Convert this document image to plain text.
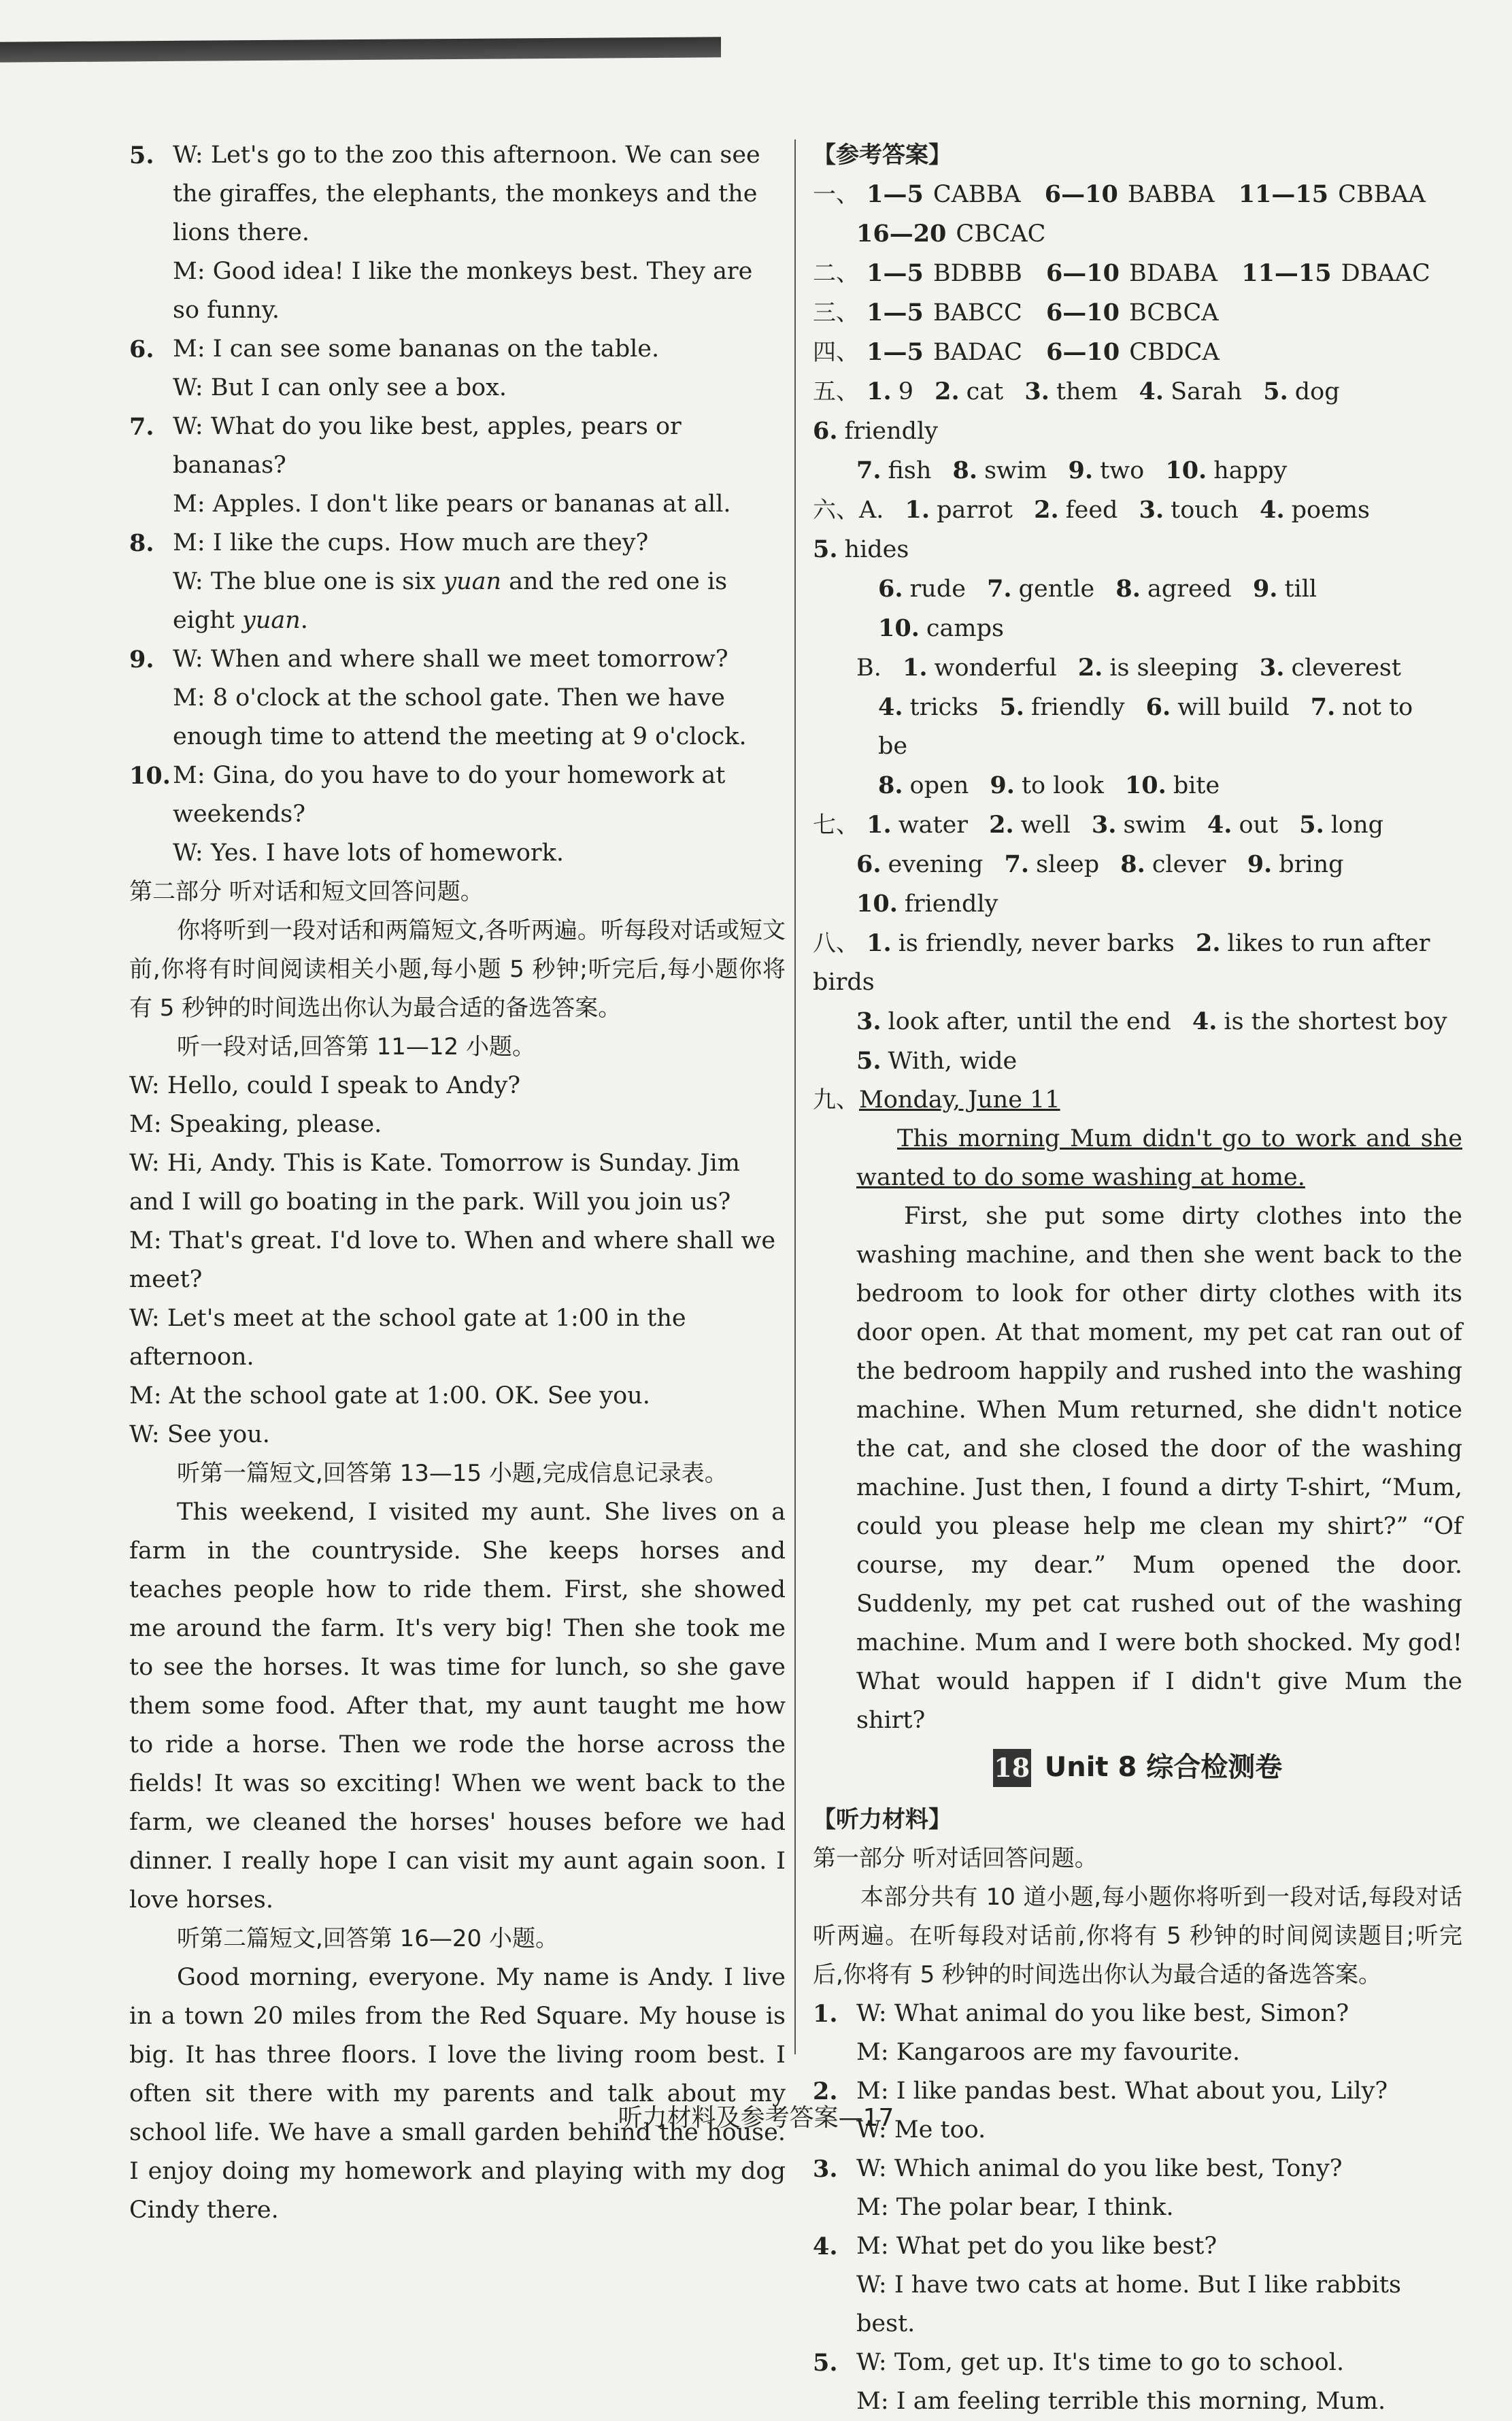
5. W: Let's go to the zoo this afternoon. We can see the giraffes, the elephants, the monkeys and the lions there.
M: Good idea! I like the monkeys best. They are so funny.
6. M: I can see some bananas on the table.
W: But I can only see a box.
7. W: What do you like best, apples, pears or bananas?
M: Apples. I don't like pears or bananas at all.
8. M: I like the cups. How much are they?
W: The blue one is six yuan and the red one is eight yuan.
9. W: When and where shall we meet tomorrow?
M: 8 o'clock at the school gate. Then we have enough time to attend the meeting at 9 o'clock.
10. M: Gina, do you have to do your homework at weekends?
W: Yes. I have lots of homework.

第二部分 听对话和短文回答问题。

你将听到一段对话和两篇短文,各听两遍。听每段对话或短文前,你将有时间阅读相关小题,每小题 5 秒钟;听完后,每小题你将有 5 秒钟的时间选出你认为最合适的备选答案。

听一段对话,回答第 11—12 小题。

W: Hello, could I speak to Andy?
M: Speaking, please.
W: Hi, Andy. This is Kate. Tomorrow is Sunday. Jim and I will go boating in the park. Will you join us?
M: That's great. I'd love to. When and where shall we meet?
W: Let's meet at the school gate at 1:00 in the afternoon.
M: At the school gate at 1:00. OK. See you.
W: See you.

听第一篇短文,回答第 13—15 小题,完成信息记录表。

This weekend, I visited my aunt. She lives on a farm in the countryside. She keeps horses and teaches people how to ride them. First, she showed me around the farm. It's very big! Then she took me to see the horses. It was time for lunch, so she gave them some food. After that, my aunt taught me how to ride a horse. Then we rode the horse across the fields! It was so exciting! When we went back to the farm, we cleaned the horses' houses before we had dinner. I really hope I can visit my aunt again soon. I love horses.

听第二篇短文,回答第 16—20 小题。

Good morning, everyone. My name is Andy. I live in a town 20 miles from the Red Square. My house is big. It has three floors. I love the living room best. I often sit there with my parents and talk about my school life. We have a small garden behind the house. I enjoy doing my homework and playing with my dog Cindy there.

【参考答案】
一、 1—5 CABBA 6—10 BABBA 11—15 CBBAA
16—20 CBCAC
二、 1—5 BDBBB 6—10 BDABA 11—15 DBAAC
三、 1—5 BABCC 6—10 BCBCA
四、 1—5 BADAC 6—10 CBDCA
五、 1. 9 2. cat 3. them 4. Sarah 5. dog 6. friendly
7. fish 8. swim 9. two 10. happy
六、A. 1. parrot 2. feed 3. touch 4. poems 5. hides
6. rude 7. gentle 8. agreed 9. till 10. camps
B. 1. wonderful 2. is sleeping 3. cleverest
4. tricks 5. friendly 6. will build 7. not to be
8. open 9. to look 10. bite
七、 1. water 2. well 3. swim 4. out 5. long
6. evening 7. sleep 8. clever 9. bring 10. friendly
八、 1. is friendly, never barks 2. likes to run after birds
3. look after, until the end 4. is the shortest boy
5. With, wide
九、Monday, June 11

This morning Mum didn't go to work and she wanted to do some washing at home.

First, she put some dirty clothes into the washing machine, and then she went back to the bedroom to look for other dirty clothes with its door open. At that moment, my pet cat ran out of the bedroom happily and rushed into the washing machine. When Mum returned, she didn't notice the cat, and she closed the door of the washing machine. Just then, I found a dirty T-shirt, “Mum, could you please help me clean my shirt?” “Of course, my dear.” Mum opened the door. Suddenly, my pet cat rushed out of the washing machine. Mum and I were both shocked. My god! What would happen if I didn't give Mum the shirt?

18 Unit 8 综合检测卷
【听力材料】
第一部分 听对话回答问题。

本部分共有 10 道小题,每小题你将听到一段对话,每段对话听两遍。在听每段对话前,你将有 5 秒钟的时间阅读题目;听完后,你将有 5 秒钟的时间选出你认为最合适的备选答案。

1. W: What animal do you like best, Simon?
M: Kangaroos are my favourite.
2. M: I like pandas best. What about you, Lily?
W: Me too.
3. W: Which animal do you like best, Tony?
M: The polar bear, I think.
4. M: What pet do you like best?
W: I have two cats at home. But I like rabbits best.
5. W: Tom, get up. It's time to go to school.
M: I am feeling terrible this morning, Mum.
听力材料及参考答案—17
